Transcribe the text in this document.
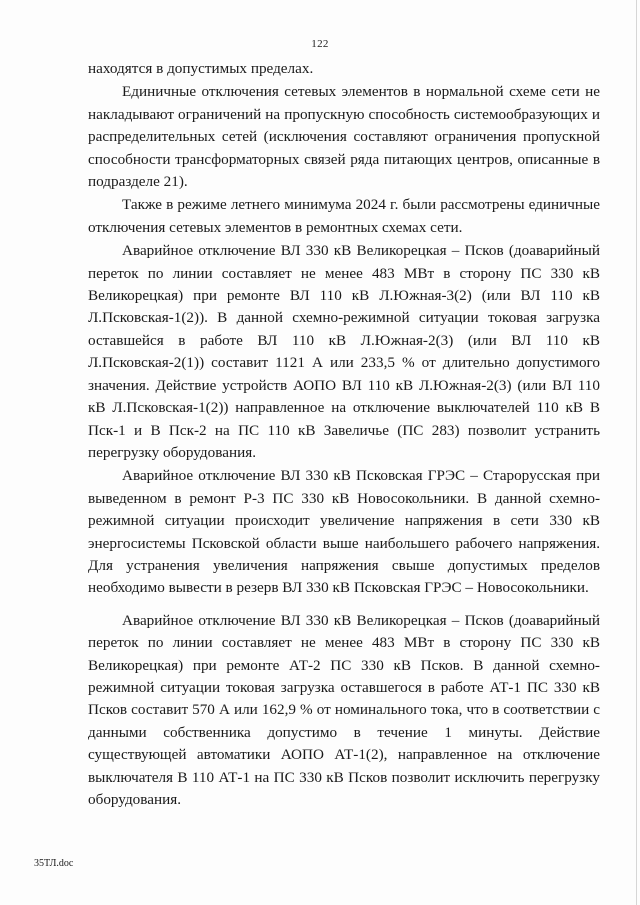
122

находятся в допустимых пределах.

Единичные отключения сетевых элементов в нормальной схеме сети не накладывают ограничений на пропускную способность системообразующих и распределительных сетей (исключения составляют ограничения пропускной способности трансформаторных связей ряда питающих центров, описанные в подразделе 21).

Также в режиме летнего минимума 2024 г. были рассмотрены единичные отключения сетевых элементов в ремонтных схемах сети.

Аварийное отключение ВЛ 330 кВ Великорецкая – Псков (доаварийный переток по линии составляет не менее 483 МВт в сторону ПС 330 кВ Великорецкая) при ремонте ВЛ 110 кВ Л.Южная-3(2) (или ВЛ 110 кВ Л.Псковская-1(2)). В данной схемно-режимной ситуации токовая загрузка оставшейся в работе ВЛ 110 кВ Л.Южная-2(3) (или ВЛ 110 кВ Л.Псковская-2(1)) составит 1121 А или 233,5 % от длительно допустимого значения. Действие устройств АОПО ВЛ 110 кВ Л.Южная-2(3) (или ВЛ 110 кВ Л.Псковская-1(2)) направленное на отключение выключателей 110 кВ В Пск-1 и В Пск-2 на ПС 110 кВ Завеличье (ПС 283) позволит устранить перегрузку оборудования.

Аварийное отключение ВЛ 330 кВ Псковская ГРЭС – Старорусская при выведенном в ремонт Р-3 ПС 330 кВ Новосокольники. В данной схемно-режимной ситуации происходит увеличение напряжения в сети 330 кВ энергосистемы Псковской области выше наибольшего рабочего напряжения. Для устранения увеличения напряжения свыше допустимых пределов необходимо вывести в резерв ВЛ 330 кВ Псковская ГРЭС – Новосокольники.

Аварийное отключение ВЛ 330 кВ Великорецкая – Псков (доаварийный переток по линии составляет не менее 483 МВт в сторону ПС 330 кВ Великорецкая) при ремонте АТ-2 ПС 330 кВ Псков. В данной схемно-режимной ситуации токовая загрузка оставшегося в работе АТ-1 ПС 330 кВ Псков составит 570 А или 162,9 % от номинального тока, что в соответствии с данными собственника допустимо в течение 1 минуты. Действие существующей автоматики АОПО АТ-1(2), направленное на отключение выключателя В 110 АТ-1 на ПС 330 кВ Псков позволит исключить перегрузку оборудования.

35ТЛ.doc
